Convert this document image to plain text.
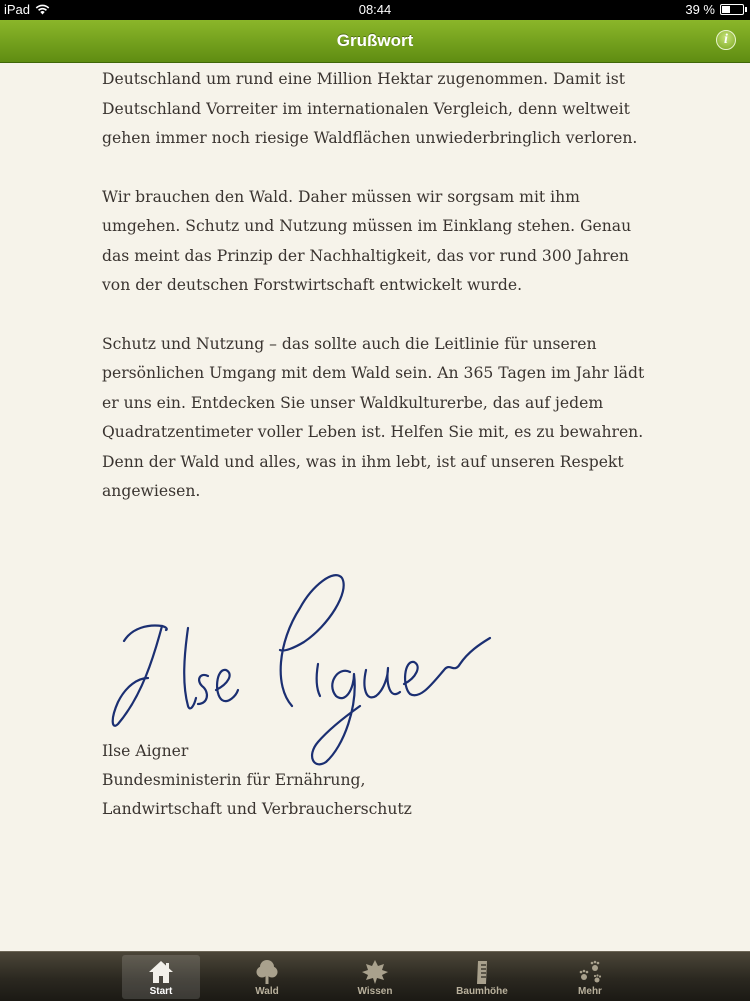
iPad	08:44	39 %
Grußwort	i

Deutschland um rund eine Million Hektar zugenommen. Damit ist Deutschland Vorreiter im internationalen Vergleich, denn weltweit gehen immer noch riesige Waldflächen unwiederbringlich verloren.

Wir brauchen den Wald. Daher müssen wir sorgsam mit ihm umgehen. Schutz und Nutzung müssen im Einklang stehen. Genau das meint das Prinzip der Nachhaltigkeit, das vor rund 300 Jahren von der deutschen Forstwirtschaft entwickelt wurde.

Schutz und Nutzung – das sollte auch die Leitlinie für unseren persönlichen Umgang mit dem Wald sein. An 365 Tagen im Jahr lädt er uns ein. Entdecken Sie unser Waldkulturerbe, das auf jedem Quadratzentimeter voller Leben ist. Helfen Sie mit, es zu bewahren. Denn der Wald und alles, was in ihm lebt, ist auf unseren Respekt angewiesen.

Ilse Aigner
Bundesministerin für Ernährung,
Landwirtschaft und Verbraucherschutz
Start	Wald	Wissen	Baumhöhe	Mehr
